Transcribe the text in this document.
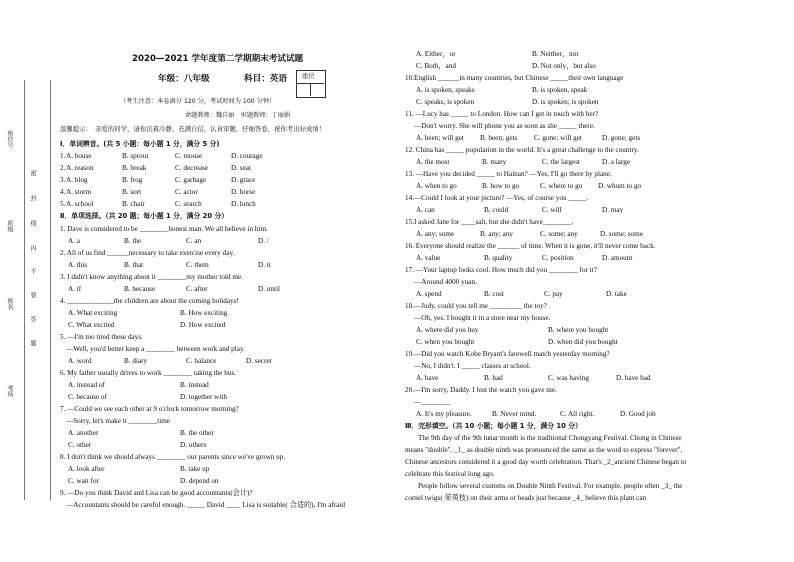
座位号
班级
密
封
线
内
不
要
答
题
姓名
考场
2020—2021 学年度第二学期期末考试试题
年级：八年级	科目：英语 座位
（考生注意：本卷满分 120 分，考试时间为 100 分钟）
命题教师：魏自丽　审题教师：丁丽娟
温馨提示：　亲爱的同学，请你沉着冷静，充满自信，认真审题，仔细答卷，祝你考出好成绩！
Ⅰ．单词辨音。(共 5 小题：每小题 1 分，满分 5 分)
1. A. house	B. sprout	C. mouse	D. courage
2. A. reason	B. break	C. decrease	D. seat
3. A. blog	B. frog	C. garbage	D. grace
4. A. storm	B. sort	C. actor	D. horse
5. A. school	B. chair	C. search	D. lunch
Ⅱ．单项选择。（共 20 题；每小题 1 分，满分 20 分）
1. Dave is considered to be ________honest man. We all believe in him.
A. a	B. the	C. an	D. /
2. All of us find ______necessary to take exercise every day.
A. this	B. that	C. them	D. it
3. I didn't know anything about it ________my mother told me.
A. if	B. because	C. after	D. until
4. _____________the children are about the coming holidays!
A. What exciting	B. How exciting
C. What excited	D. How excited
5. —I'm too tired these days.
—Well, you'd better keep a ________ between work and play.
A. word	B. diary	C. balance	D. secret
6. My father usually drives to work ________ taking the bus.
A. instead of	B. instead
C. because of	D. together with
7. —Could we see each other at 9 o'clock tomorrow morning?
—Sorry, let's make it ________time
A. another	B. the other
C. other	D. others
8. I don't think we should always ________ our parents since we've grown up.
A. look after	B. take up
C. wait for	D. depend on
9. —Do you think David and Lisa can be good accountants(会计)?
—Accountants should be careful enough. _____ David ____ Lisa is suitable( 合适的), I'm afraid
A. Either，or	B. Neither，nor
C. Both，and	D. Not only，but also
10.English ______in many countries, but Chinese _____their own language
A. is spoken, speaks	B. is spoken, speak
C. speaks, is spoken	D. is spoken; is spoken
11. —Lucy has _____ to London. How can I get in touch with her?
—Don't worry. She will phone you as soon as she _____ there.
A. been; will get B. been; gets C. gone; will get	D. gone; gets
12. China has _____ population in the world. It's a great challenge to the country.
A. the most	B. many	C. the largest	D. a large
13. —Have you decided _____ to Hainan? —Yes, I'll go there by plane.
A. when to go	B. how to go	C. where to go D. whom to go
14.—Could I look at your picture? —Yes, of course you _____.
A. can	B. could	C. will	D. may
15.I asked Jane for ____salt, but she didn't have________.
A. any; some	B. any; any	C. some; any	D. some; some
16. Everyone should realize the ______ of time. When it is gone, it'll never come back.
A. value	B. quality	C. position	D. amount
17. —Your laptop looks cool. How much did you ________ for it?
—Around 4000 yuan.
A. spend	B. cost	C. pay	D. take
18.—Judy, could you tell me _________ the toy?
—Oh, yes. I bought it in a store near my house.
A. where did you buy	B. where you bought
C. when you bought	D. when did you bought
19.—Did you watch Kobe Bryant's farewell match yesterday morning?
—No, I didn't. I _____ classes at school.
A. have	B. had	C. was having	D. have had
20.—I'm sorry, Daddy. I lost the watch you gave me.
—________
A. It's my pleasure.	B. Never mind.	C. All right.	D. Good job
Ⅲ．完形填空。（共 10 小题；每小题 1 分，满分 10 分）
The 9th day of the 9th lunar month is the traditional Chongyang Festival. Chong in Chinese
means "double". _1_ as double ninth was pronounced the same as the word to express "forever",
Chinese ancestors considered it a good day worth celebration. That's _2_ancient Chinese began to
celebrate this festival long ago.
People follow several customs on Double Ninth Festival. For example, people often _3_ the
cornel twigs( 茱萸枝) on their arms or heads just because _4_ believe this plant can
